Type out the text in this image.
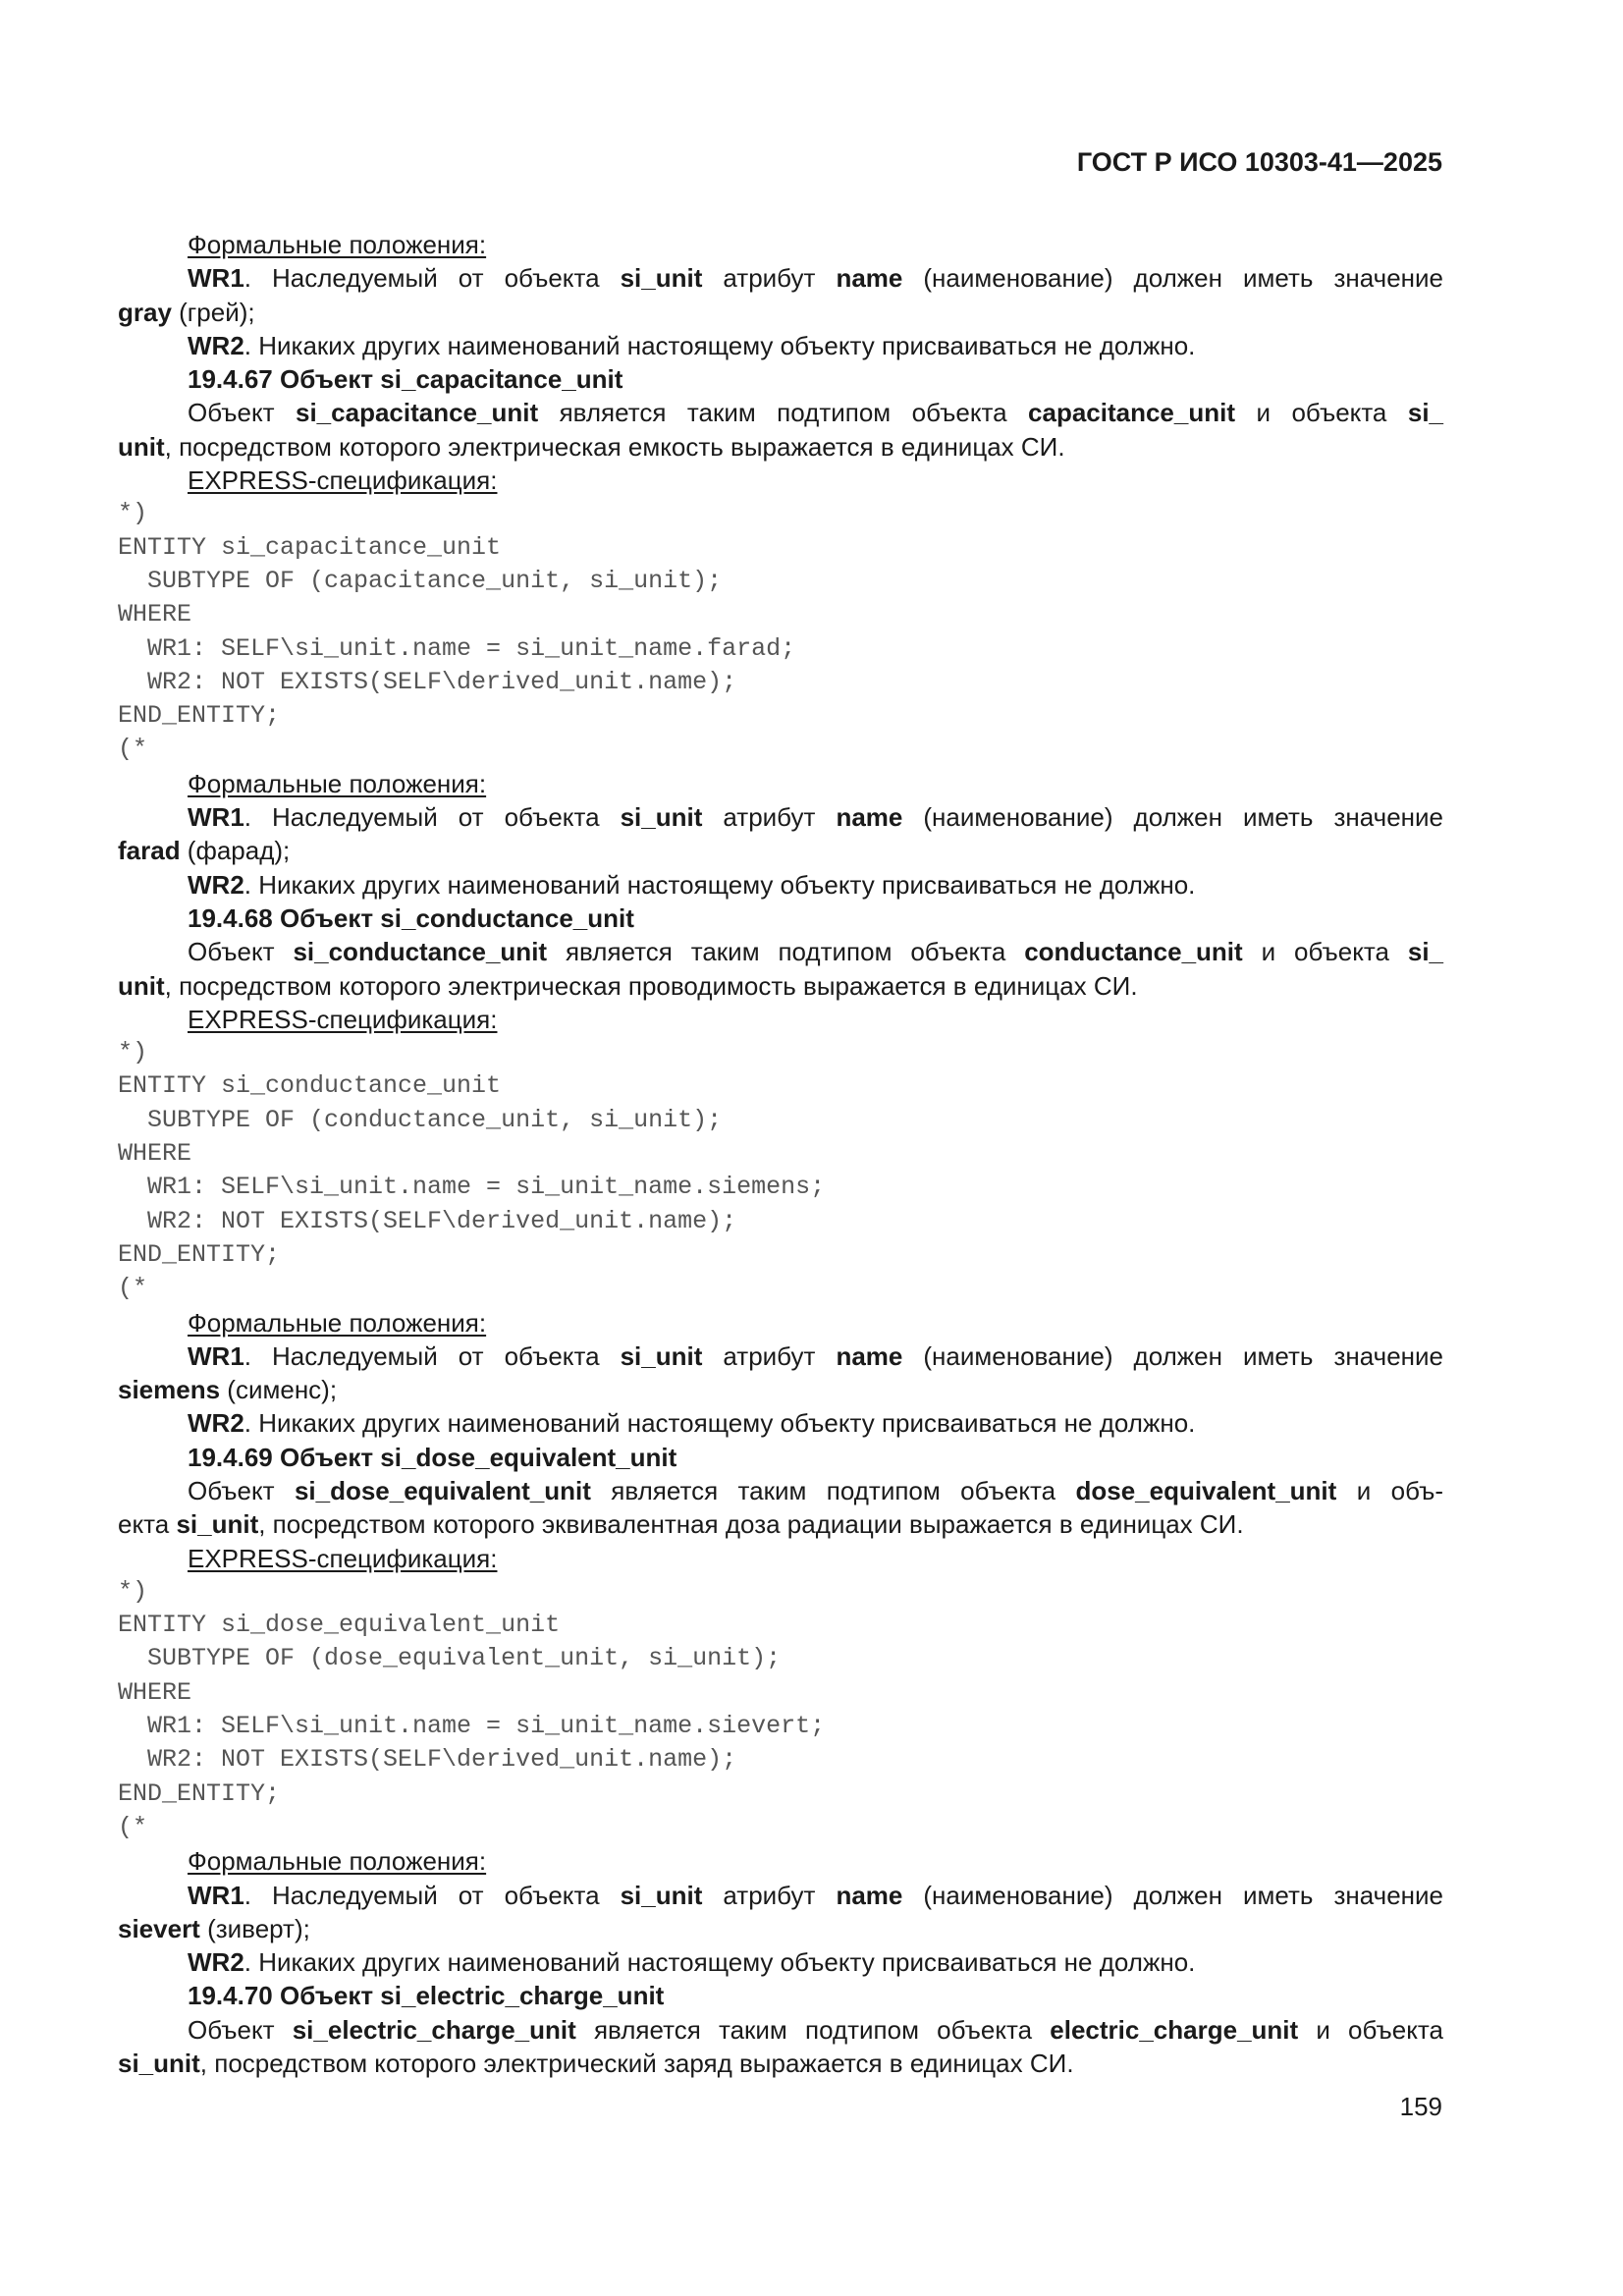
ГОСТ Р ИСО 10303-41—2025
Формальные положения:
WR1. Наследуемый от объекта si_unit атрибут name (наименование) должен иметь значение
gray (грей);
WR2. Никаких других наименований настоящему объекту присваиваться не должно.
19.4.67 Объект si_capacitance_unit
Объект si_capacitance_unit является таким подтипом объекта capacitance_unit и объекта si_
unit, посредством которого электрическая емкость выражается в единицах СИ.
EXPRESS-спецификация:
*)
ENTITY si_capacitance_unit
SUBTYPE OF (capacitance_unit, si_unit);
WHERE
WR1: SELF\si_unit.name = si_unit_name.farad;
WR2: NOT EXISTS(SELF\derived_unit.name);
END_ENTITY;
(*
Формальные положения:
WR1. Наследуемый от объекта si_unit атрибут name (наименование) должен иметь значение
farad (фарад);
WR2. Никаких других наименований настоящему объекту присваиваться не должно.
19.4.68 Объект si_conductance_unit
Объект si_conductance_unit является таким подтипом объекта conductance_unit и объекта si_
unit, посредством которого электрическая проводимость выражается в единицах СИ.
EXPRESS-спецификация:
*)
ENTITY si_conductance_unit
SUBTYPE OF (conductance_unit, si_unit);
WHERE
WR1: SELF\si_unit.name = si_unit_name.siemens;
WR2: NOT EXISTS(SELF\derived_unit.name);
END_ENTITY;
(*
Формальные положения:
WR1. Наследуемый от объекта si_unit атрибут name (наименование) должен иметь значение
siemens (сименс);
WR2. Никаких других наименований настоящему объекту присваиваться не должно.
19.4.69 Объект si_dose_equivalent_unit
Объект si_dose_equivalent_unit является таким подтипом объекта dose_equivalent_unit и объ-
екта si_unit, посредством которого эквивалентная доза радиации выражается в единицах СИ.
EXPRESS-спецификация:
*)
ENTITY si_dose_equivalent_unit
SUBTYPE OF (dose_equivalent_unit, si_unit);
WHERE
WR1: SELF\si_unit.name = si_unit_name.sievert;
WR2: NOT EXISTS(SELF\derived_unit.name);
END_ENTITY;
(*
Формальные положения:
WR1. Наследуемый от объекта si_unit атрибут name (наименование) должен иметь значение
sievert (зиверт);
WR2. Никаких других наименований настоящему объекту присваиваться не должно.
19.4.70 Объект si_electric_charge_unit
Объект si_electric_charge_unit является таким подтипом объекта electric_charge_unit и объекта
si_unit, посредством которого электрический заряд выражается в единицах СИ.
159
